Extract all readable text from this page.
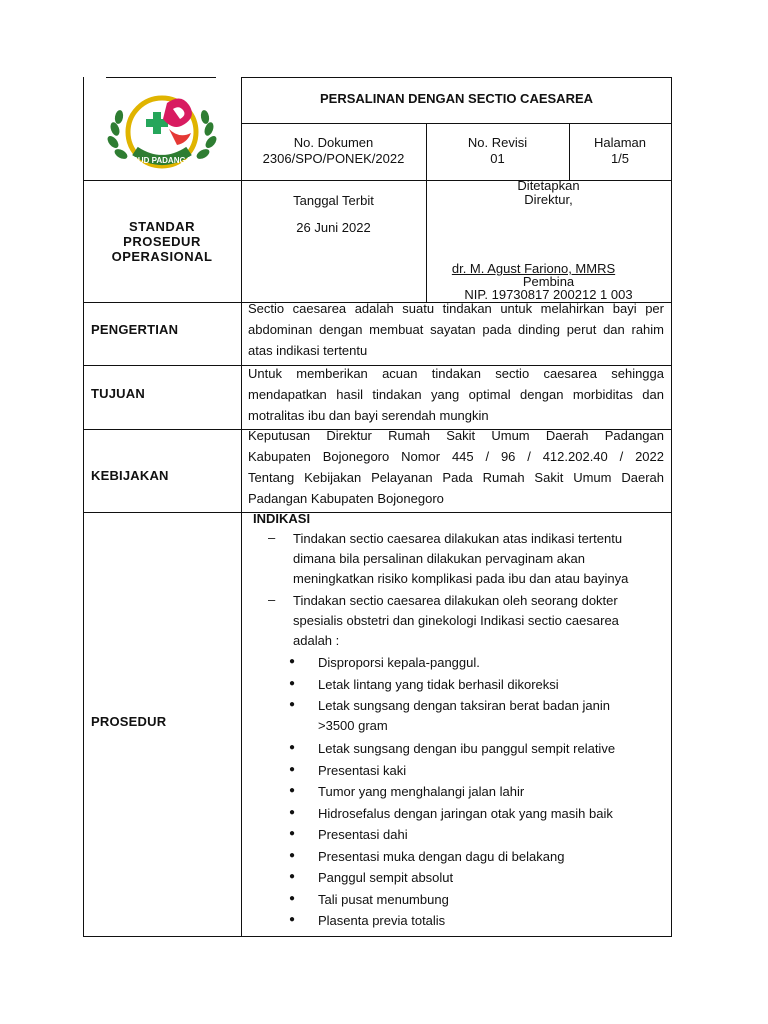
RSUD PADANGAN
PERSALINAN DENGAN SECTIO CAESAREA
No. Dokumen
2306/SPO/PONEK/2022
No. Revisi
01
Halaman
1/5
STANDAR
PROSEDUR
OPERASIONAL
Tanggal Terbit
26 Juni 2022
Ditetapkan
Direktur,
dr. M. Agust Fariono, MMRS
Pembina
NIP. 19730817 200212 1 003
PENGERTIAN
Sectio caesarea adalah suatu tindakan untuk melahirkan bayi per
abdominan dengan membuat sayatan pada dinding perut dan rahim
atas indikasi tertentu
TUJUAN
Untuk memberikan acuan tindakan sectio caesarea sehingga
mendapatkan hasil tindakan yang optimal dengan morbiditas dan
motralitas ibu dan bayi serendah mungkin
KEBIJAKAN
Keputusan Direktur Rumah Sakit Umum Daerah Padangan
Kabupaten Bojonegoro Nomor 445 / 96 / 412.202.40 / 2022
Tentang Kebijakan Pelayanan Pada Rumah Sakit Umum Daerah
Padangan Kabupaten Bojonegoro
PROSEDUR
INDIKASI
– Tindakan sectio caesarea dilakukan atas indikasi tertentu
dimana bila persalinan dilakukan pervaginam akan
meningkatkan risiko komplikasi pada ibu dan atau bayinya
– Tindakan sectio caesarea dilakukan oleh seorang dokter
spesialis obstetri dan ginekologi Indikasi sectio caesarea
adalah :
● Disproporsi kepala-panggul.
● Letak lintang yang tidak berhasil dikoreksi
● Letak sungsang dengan taksiran berat badan janin
>3500 gram
● Letak sungsang dengan ibu panggul sempit relative
● Presentasi kaki
● Tumor yang menghalangi jalan lahir
● Hidrosefalus dengan jaringan otak yang masih baik
● Presentasi dahi
● Presentasi muka dengan dagu di belakang
● Panggul sempit absolut
● Tali pusat menumbung
● Plasenta previa totalis
